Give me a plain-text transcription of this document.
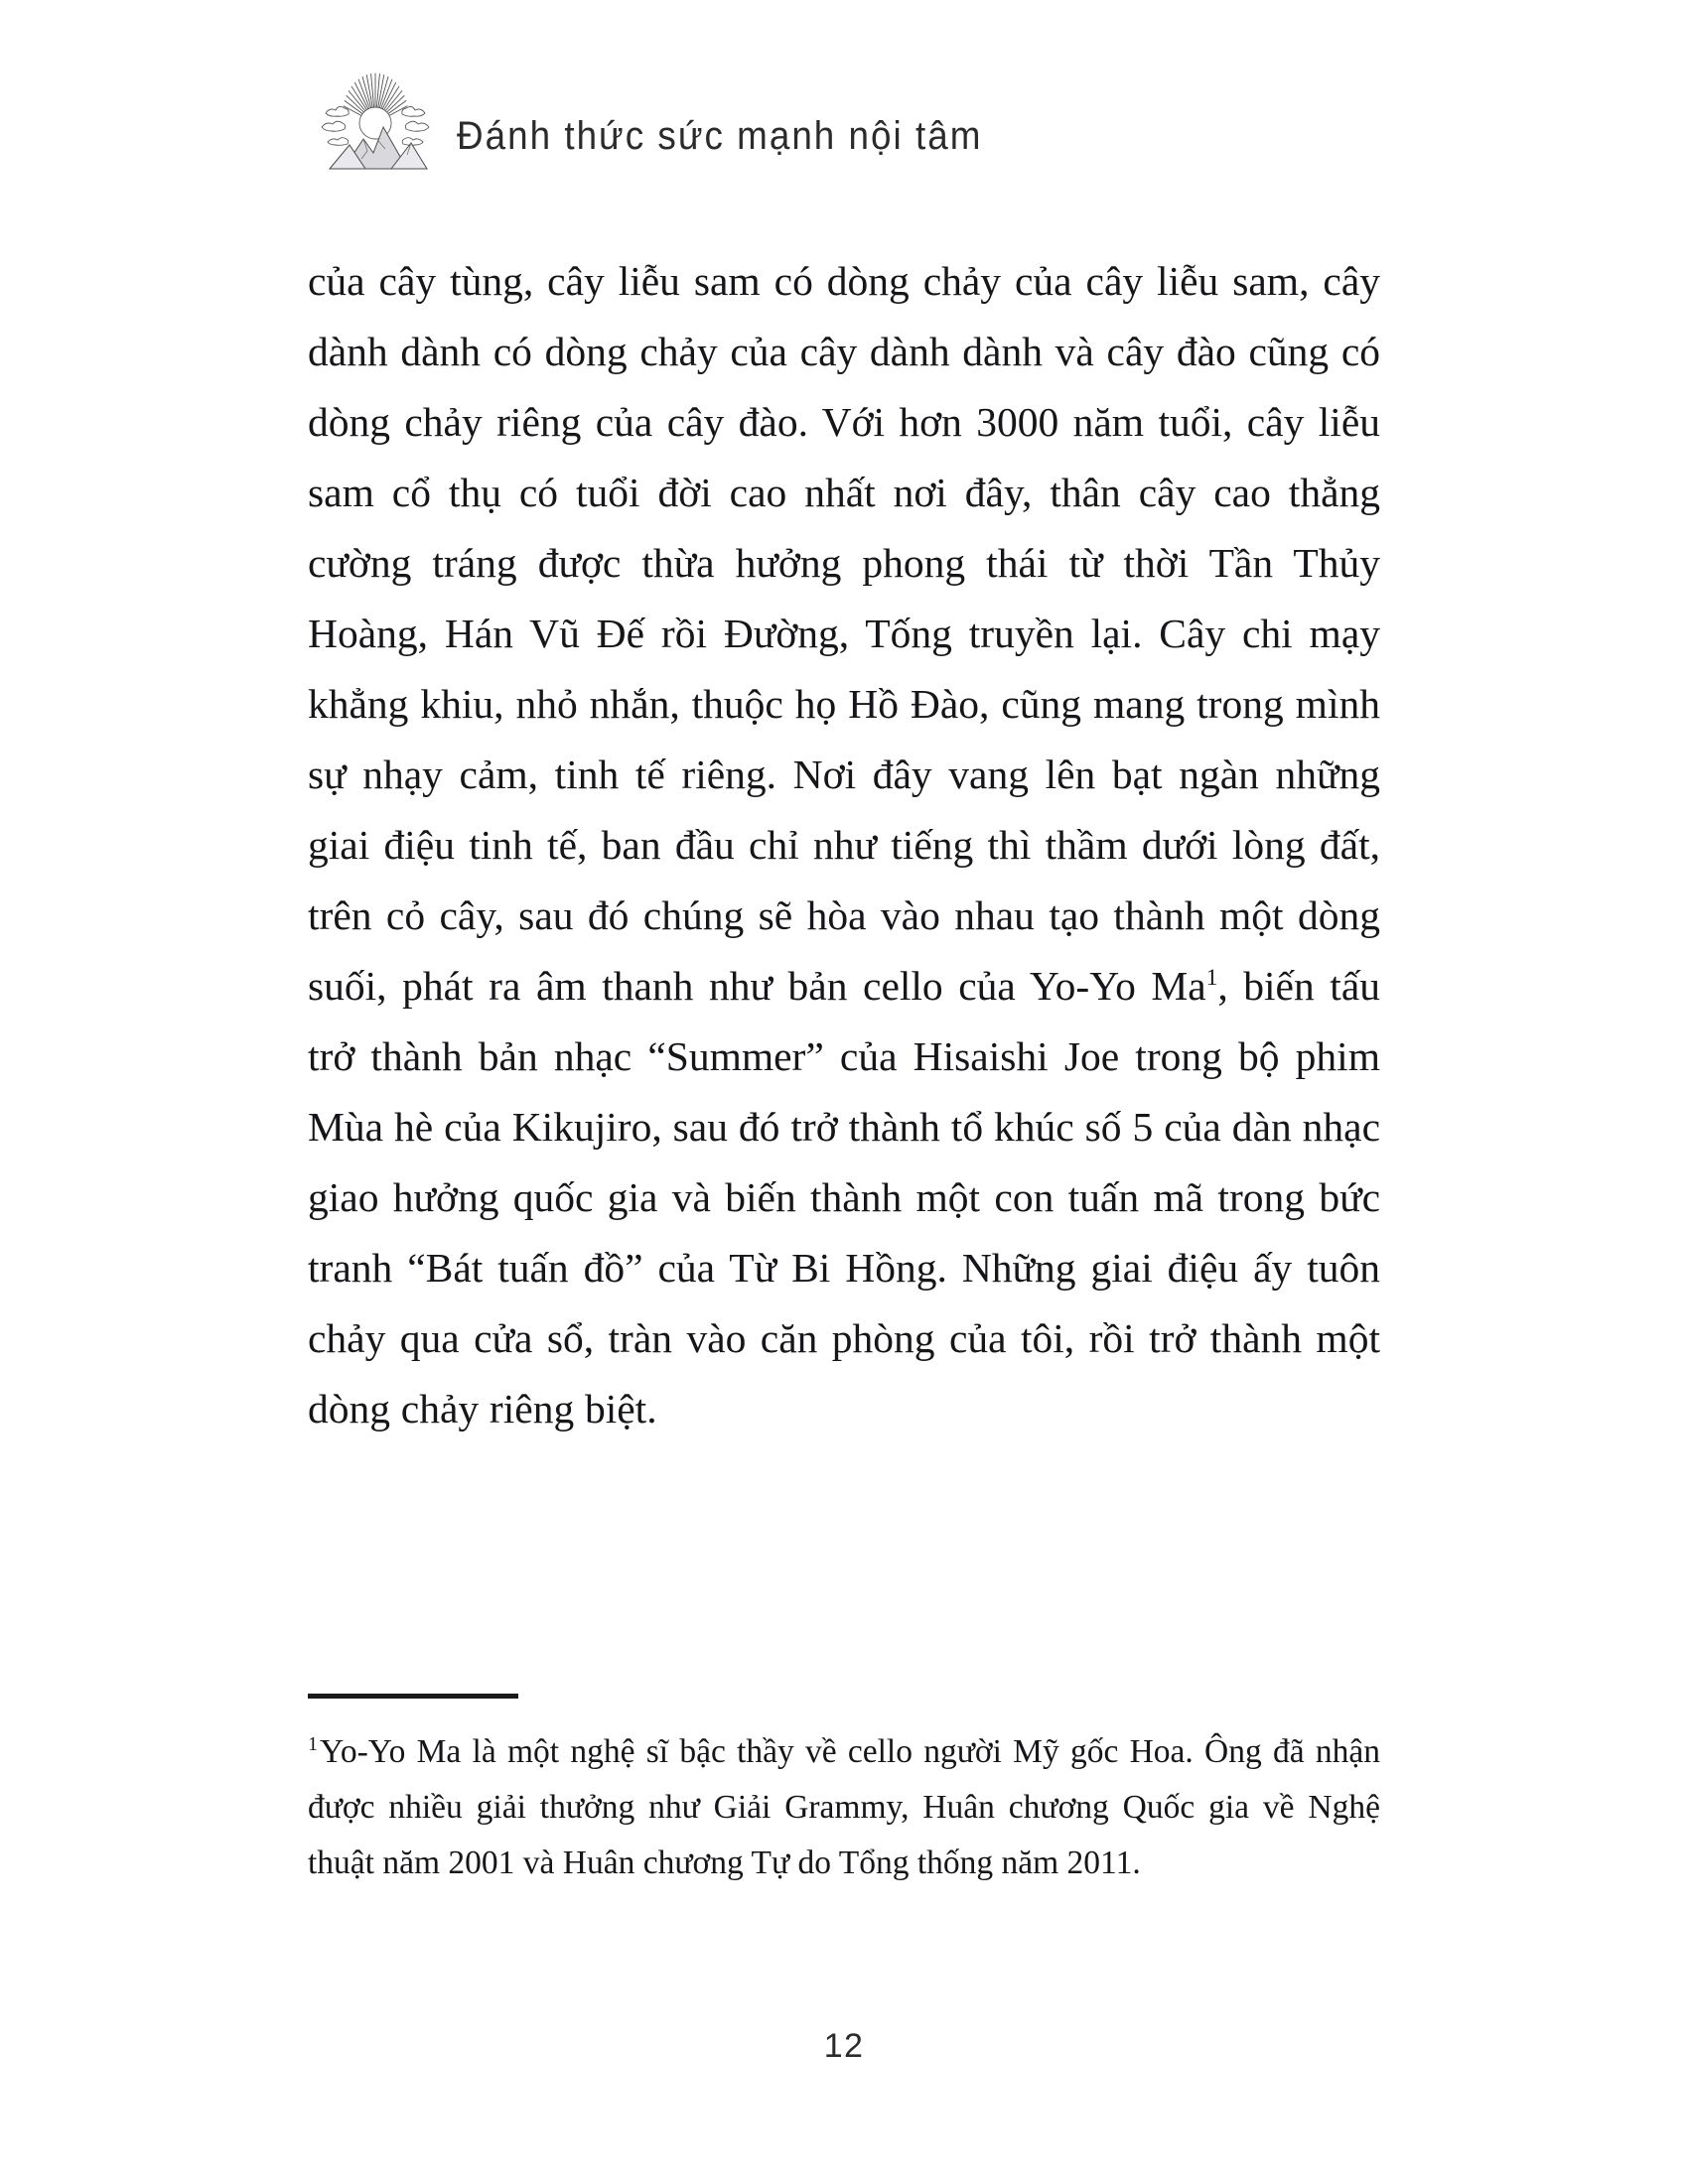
Đánh thức sức mạnh nội tâm

của cây tùng, cây liễu sam có dòng chảy của cây liễu sam, cây dành dành có dòng chảy của cây dành dành và cây đào cũng có dòng chảy riêng của cây đào. Với hơn 3000 năm tuổi, cây liễu sam cổ thụ có tuổi đời cao nhất nơi đây, thân cây cao thẳng cường tráng được thừa hưởng phong thái từ thời Tần Thủy Hoàng, Hán Vũ Đế rồi Đường, Tống truyền lại. Cây chi mạy khẳng khiu, nhỏ nhắn, thuộc họ Hồ Đào, cũng mang trong mình sự nhạy cảm, tinh tế riêng. Nơi đây vang lên bạt ngàn những giai điệu tinh tế, ban đầu chỉ như tiếng thì thầm dưới lòng đất, trên cỏ cây, sau đó chúng sẽ hòa vào nhau tạo thành một dòng suối, phát ra âm thanh như bản cello của Yo-Yo Ma$^1$, biến tấu trở thành bản nhạc “Summer” của Hisaishi Joe trong bộ phim Mùa hè của Kikujiro, sau đó trở thành tổ khúc số 5 của dàn nhạc giao hưởng quốc gia và biến thành một con tuấn mã trong bức tranh “Bát tuấn đồ” của Từ Bi Hồng. Những giai điệu ấy tuôn chảy qua cửa sổ, tràn vào căn phòng của tôi, rồi trở thành một dòng chảy riêng biệt.

$^1$Yo-Yo Ma là một nghệ sĩ bậc thầy về cello người Mỹ gốc Hoa. Ông đã nhận được nhiều giải thưởng như Giải Grammy, Huân chương Quốc gia về Nghệ thuật năm 2001 và Huân chương Tự do Tổng thống năm 2011.

12
